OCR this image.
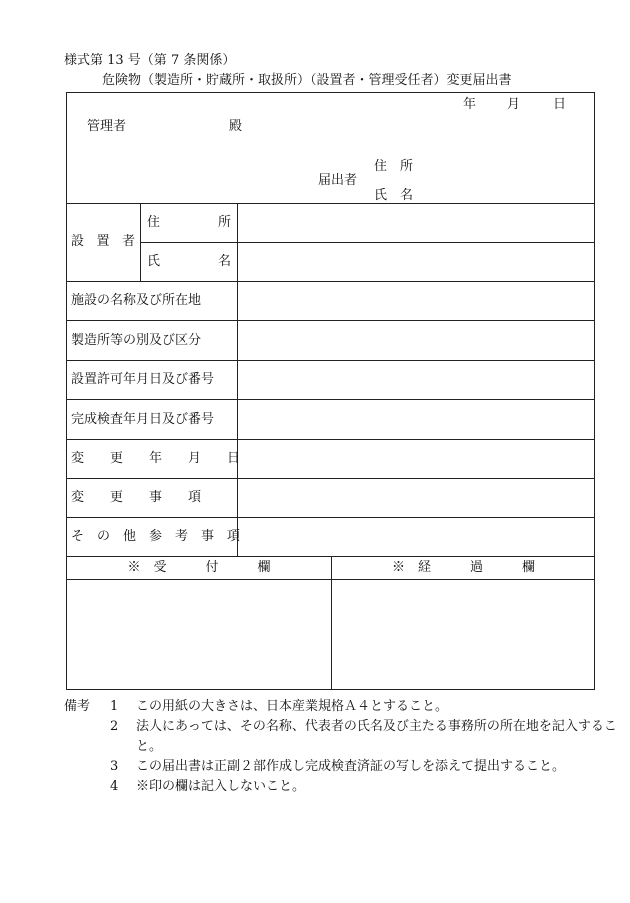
様式第 13 号（第 7 条関係）
危険物（製造所・貯蔵所・取扱所）（設置者・管理受任者）変更届出書
年 月	日
管理者	殿
届出者
住　所
氏　名
設 置 者
住	所
氏	名
施設の名称及び所在地
製造所等の別及び区分
設置許可年月日及び番号
完成検査年月日及び番号
変　　更　　年　　月　　日
変　　更　　事　　項
そ　の　他　参　考　事　項
※　受　　　付　　　欄	※　経　　　過　　　欄
備考	1	この用紙の大きさは、日本産業規格Ａ４とすること。
2	法人にあっては、その名称、代表者の氏名及び主たる事務所の所在地を記入すること。
3	この届出書は正副２部作成し完成検査済証の写しを添えて提出すること。
4	※印の欄は記入しないこと。
